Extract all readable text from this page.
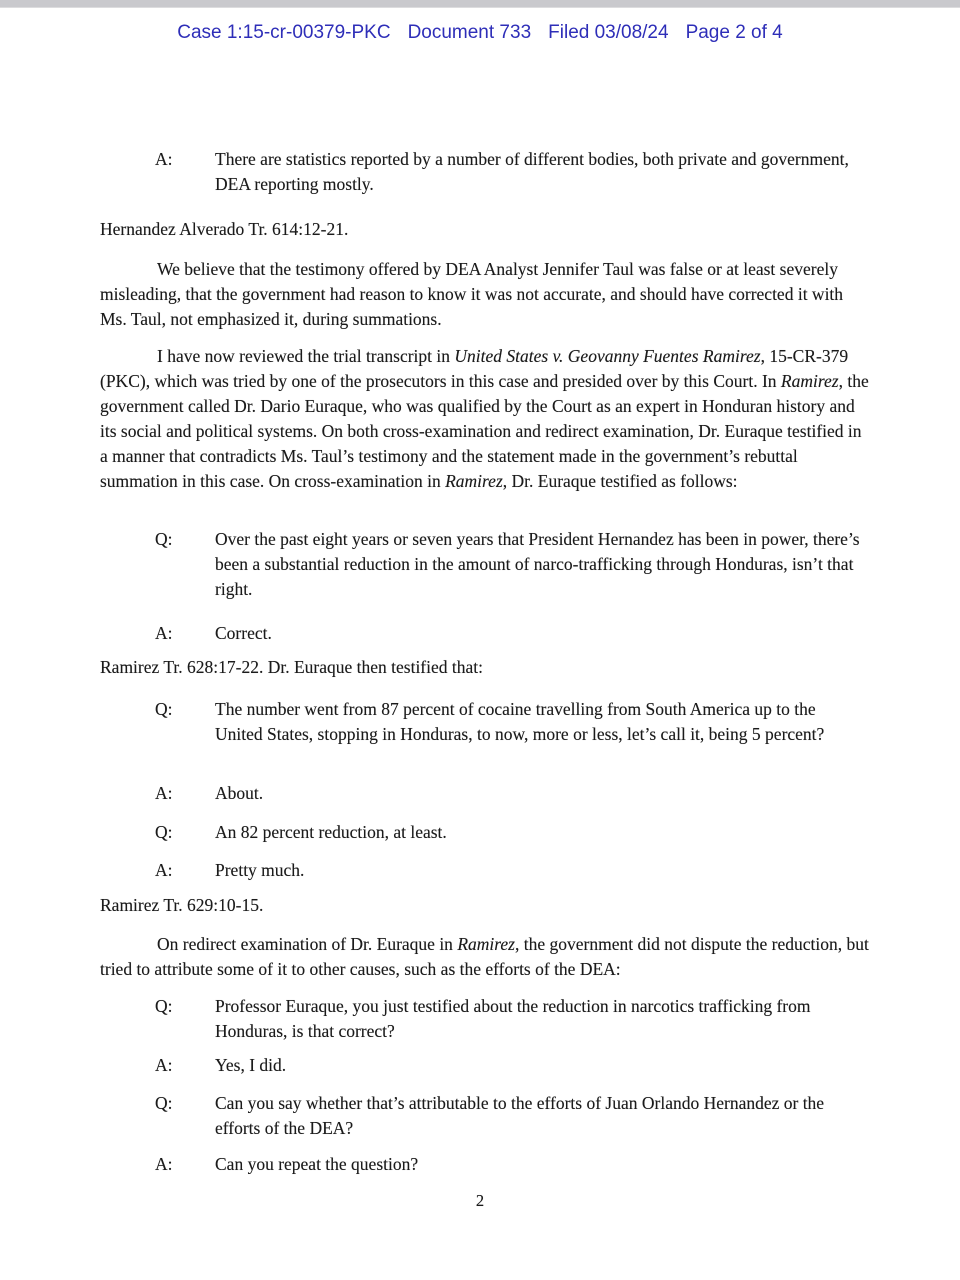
Case 1:15-cr-00379-PKC Document 733 Filed 03/08/24 Page 2 of 4
A:	There are statistics reported by a number of different bodies, both private and government, DEA reporting mostly.
Hernandez Alverado Tr. 614:12-21.
We believe that the testimony offered by DEA Analyst Jennifer Taul was false or at least severely misleading, that the government had reason to know it was not accurate, and should have corrected it with Ms. Taul, not emphasized it, during summations.
I have now reviewed the trial transcript in United States v. Geovanny Fuentes Ramirez, 15-CR-379 (PKC), which was tried by one of the prosecutors in this case and presided over by this Court. In Ramirez, the government called Dr. Dario Euraque, who was qualified by the Court as an expert in Honduran history and its social and political systems. On both cross-examination and redirect examination, Dr. Euraque testified in a manner that contradicts Ms. Taul’s testimony and the statement made in the government’s rebuttal summation in this case. On cross-examination in Ramirez, Dr. Euraque testified as follows:
Q:	Over the past eight years or seven years that President Hernandez has been in power, there’s been a substantial reduction in the amount of narco-trafficking through Honduras, isn’t that right.
A:	Correct.
Ramirez Tr. 628:17-22. Dr. Euraque then testified that:
Q:	The number went from 87 percent of cocaine travelling from South America up to the United States, stopping in Honduras, to now, more or less, let’s call it, being 5 percent?
A:	About.
Q:	An 82 percent reduction, at least.
A:	Pretty much.
Ramirez Tr. 629:10-15.
On redirect examination of Dr. Euraque in Ramirez, the government did not dispute the reduction, but tried to attribute some of it to other causes, such as the efforts of the DEA:
Q:	Professor Euraque, you just testified about the reduction in narcotics trafficking from Honduras, is that correct?
A:	Yes, I did.
Q:	Can you say whether that’s attributable to the efforts of Juan Orlando Hernandez or the efforts of the DEA?
A:	Can you repeat the question?
2
